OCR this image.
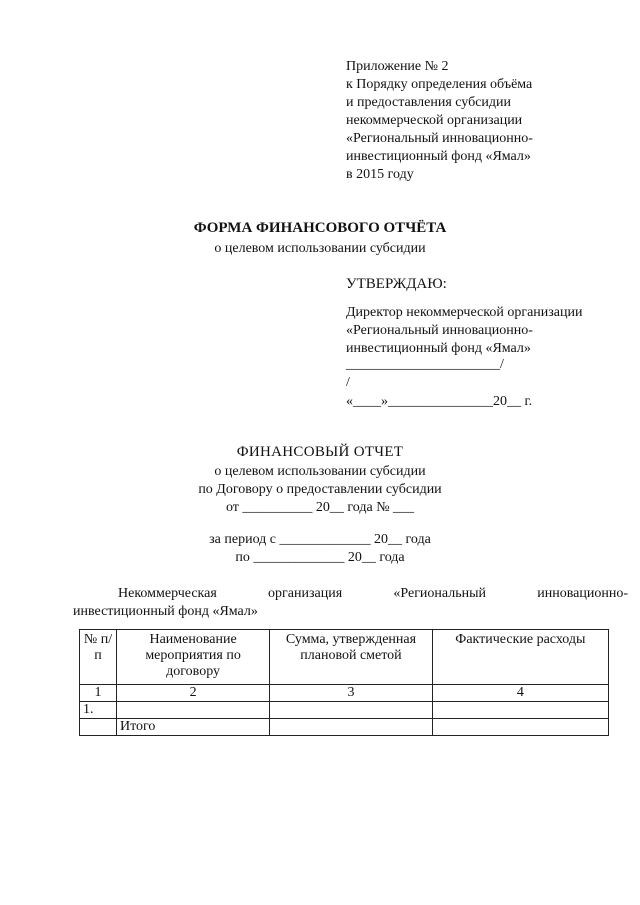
Приложение № 2
к Порядку определения объёма
и предоставления субсидии
некоммерческой организации
«Региональный инновационно-
инвестиционный фонд «Ямал»
в 2015 году
ФОРМА ФИНАНСОВОГО ОТЧЁТА
о целевом использовании субсидии
УТВЕРЖДАЮ:
Директор некоммерческой организации
«Региональный инновационно-
инвестиционный фонд «Ямал»
______________________/
/
«____»_______________20__ г.
ФИНАНСОВЫЙ ОТЧЕТ
о целевом использовании субсидии
по Договору о предоставлении субсидии
от __________ 20__ года № ___
за период с _____________ 20__ года
по _____________ 20__ года
Некоммерческая	организация	«Региональный	инновационно-
инвестиционный фонд «Ямал»
№ п/п	Наименование мероприятия по договору	Сумма, утвержденная плановой сметой	Фактические расходы
1	2	3	4
1.			
	Итого		
